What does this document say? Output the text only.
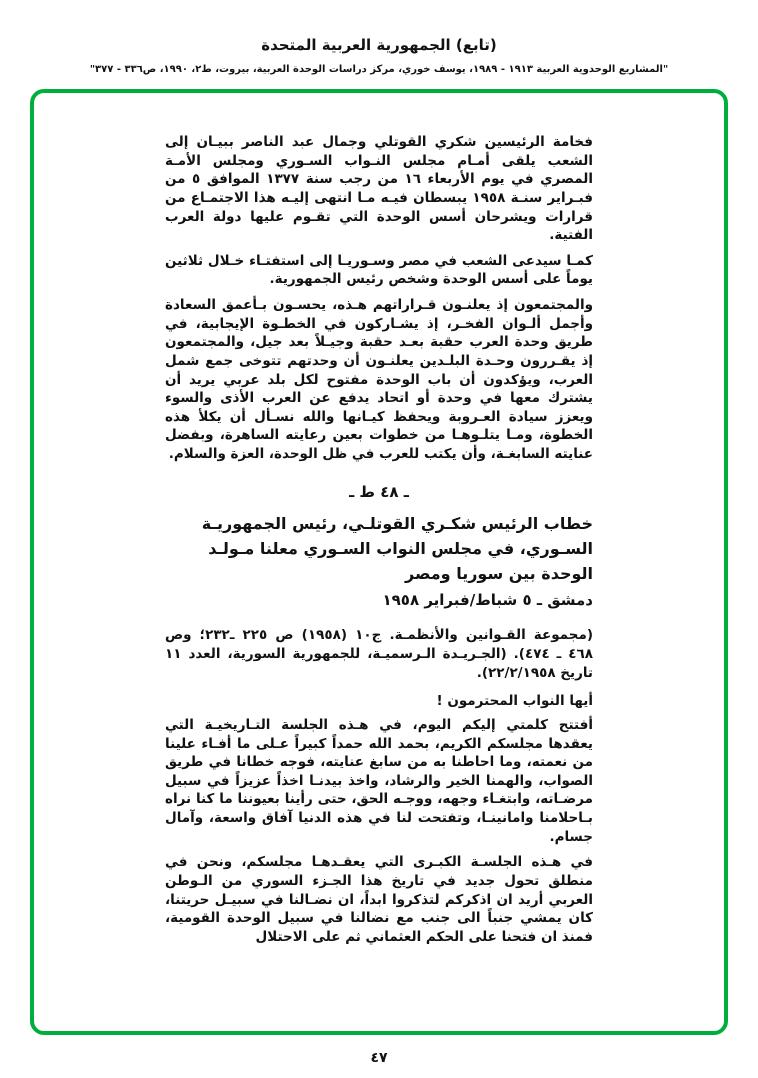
(تابع) الجمهورية العربية المتحدة
"المشاريع الوحدوية العربية ١٩١٣ - ١٩٨٩، يوسف خوري، مركز دراسات الوحدة العربية، بيروت، ط٢، ١٩٩٠، ص٣٣٦ - ٣٧٧"

فخامة الرئيسين شكري القوتلي وجمال عبد الناصر ببيـان إلى الشعب يلقى أمـام مجلس النـواب السـوري ومجلس الأمـة المصري في يوم الأربعاء ١٦ من رجب سنة ١٣٧٧ الموافق ٥ من فبـراير سنـة ١٩٥٨ يبسطان فيـه مـا انتهى إليـه هذا الاجتمـاع من قرارات ويشرحان أسس الوحدة التي تقـوم عليها دولة العرب الفتية.

كمـا سيدعى الشعب في مصر وسـوريـا إلى استفتـاء خـلال ثلاثين يوماً على أسس الوحدة وشخص رئيس الجمهورية.

والمجتمعون إذ يعلنـون قـراراتهم هـذه، يحسـون بـأعمق السعادة وأجمل ألـوان الفخـر، إذ يشـاركون في الخطـوة الإيجابية، في طريق وحدة العرب حقبة بعـد حقبة وجيـلاً بعد جيل، والمجتمعون إذ يقـررون وحـدة البلـدين يعلنـون أن وحدتهم تتوخى جمع شمل العرب، ويؤكدون أن باب الوحدة مفتوح لكل بلد عربي يريد أن يشترك معها في وحدة أو اتحاد يدفع عن العرب الأذى والسوء ويعزز سيادة العـروبة ويحفظ كيـانها والله نسـأل أن يكلأ هذه الخطوة، ومـا يتلـوهـا من خطوات بعين رعايته الساهرة، وبفضل عنايته السابغـة، وأن يكتب للعرب في ظل الوحدة، العزة والسلام.

ـ ٤٨ ط ـ
خطاب الرئيس شكـري القوتلـي، رئيس الجمهوريـة
السـوري، في مجلس النواب السـوري معلنا مـولـد
الوحدة بين سوريا ومصر
دمشق ـ ٥ شباط/فبراير ١٩٥٨

(مجموعة القـوانين والأنظمـة. ج١٠ (١٩٥٨) ص ٢٢٥ ـ٢٣٢؛ وص ٤٦٨ ـ ٤٧٤). (الجـريـدة الـرسميـة، للجمهورية السورية، العدد ١١ تاريخ ٢٢/٢/١٩٥٨).

أيها النواب المحترمون !

أفتتح كلمتي إليكم اليوم، في هـذه الجلسة التـاريخيـة التي يعقدها مجلسكم الكريم، بحمد الله حمداً كبيراً عـلى ما أفـاء علينا من نعمته، وما احاطنا به من سابغ عنايته، فوجه خطانا في طريق الصواب، والهمنا الخير والرشاد، واخذ بيدنـا اخذاً عزيزاً في سبيل مرضـاته، وابتغـاء وجهه، ووجـه الحق، حتى رأينا بعيوننا ما كنا نراه بـاحلامنا وامانينـا، وتفتحت لنا في هذه الدنيا آفاق واسعة، وآمال جسام.

في هـذه الجلسـة الكبـرى التي يعقـدهـا مجلسكم، ونحن في منطلق تحول جديد في تاريخ هذا الجـزء السوري من الـوطن العربي أريد ان اذكركم لتذكروا ابداً، ان نضـالنا في سبيـل حريتنا، كان يمشي جنباً الى جنب مع نضالنا في سبيل الوحدة القومية، فمنذ ان فتحنا على الحكم العثماني ثم على الاحتلال

٤٧
